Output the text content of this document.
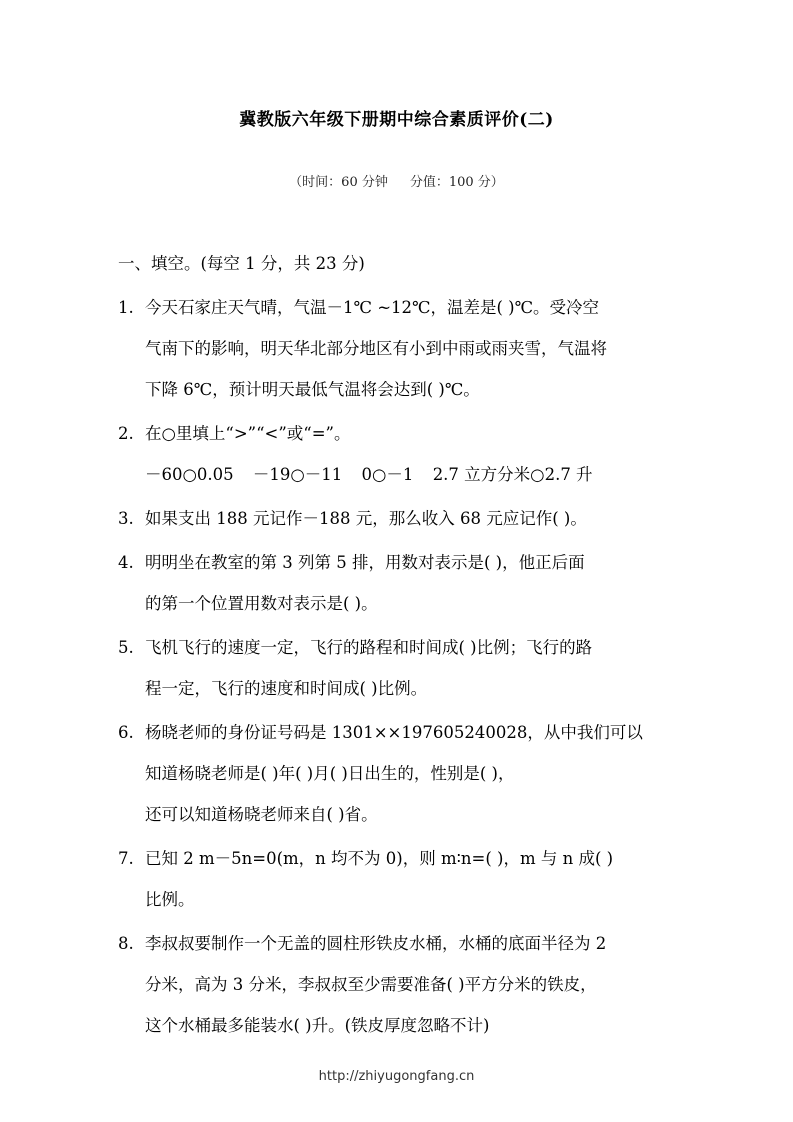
冀教版六年级下册期中综合素质评价(二)
（时间：60 分钟 分值：100 分）
一、填空。(每空 1 分，共 23 分)
1. 今天石家庄天气晴，气温－1℃ ~12℃，温差是( )℃。受冷空
气南下的影响，明天华北部分地区有小到中雨或雨夹雪，气温将
下降 6℃，预计明天最低气温将会达到( )℃。
2. 在○里填上“>”“<”或“=”。
－60○0.05 －19○－11 0○－1 2.7 立方分米○2.7 升
3. 如果支出 188 元记作－188 元，那么收入 68 元应记作( )。
4. 明明坐在教室的第 3 列第 5 排，用数对表示是( )，他正后面
的第一个位置用数对表示是( )。
5. 飞机飞行的速度一定，飞行的路程和时间成( )比例；飞行的路
程一定，飞行的速度和时间成( )比例。
6. 杨晓老师的身份证号码是 1301××197605240028，从中我们可以
知道杨晓老师是( )年( )月( )日出生的，性别是( )，
还可以知道杨晓老师来自( )省。
7. 已知 2 m－5n=0(m，n 均不为 0)，则 m∶n=( )，m 与 n 成( )
比例。
8. 李叔叔要制作一个无盖的圆柱形铁皮水桶，水桶的底面半径为 2
分米，高为 3 分米，李叔叔至少需要准备( )平方分米的铁皮，
这个水桶最多能装水( )升。(铁皮厚度忽略不计)
http://zhiyugongfang.cn
